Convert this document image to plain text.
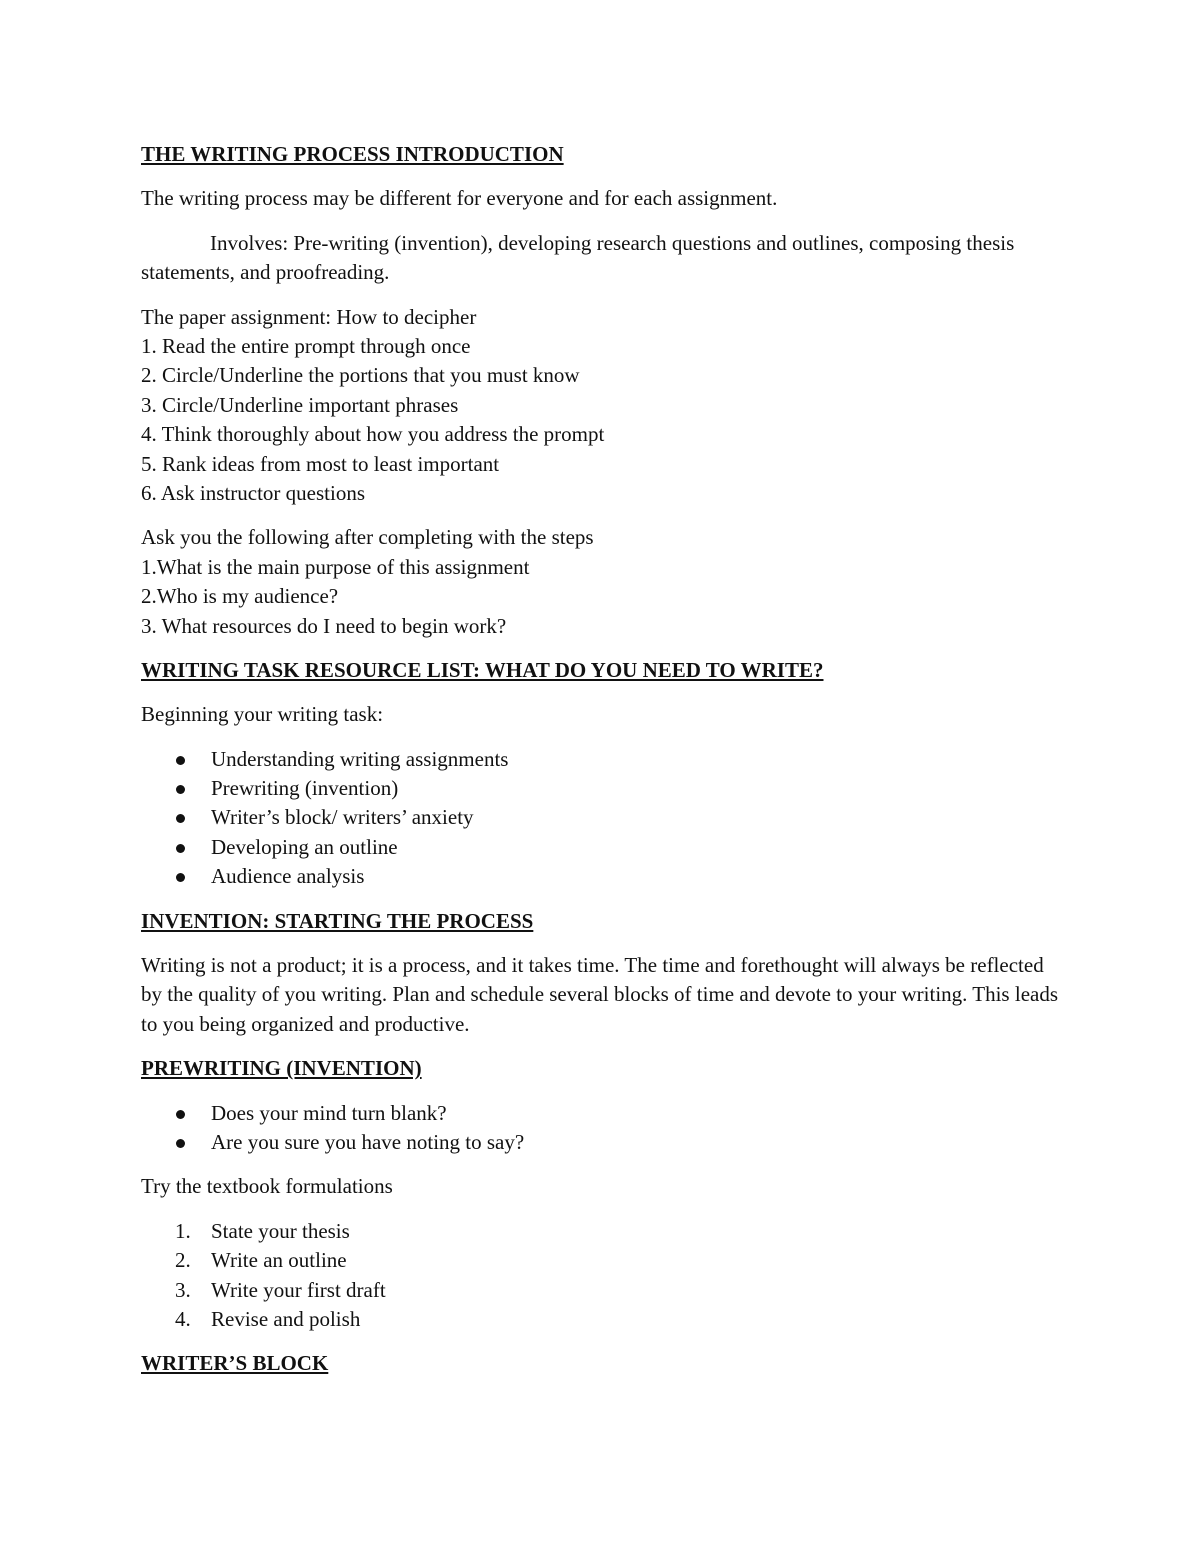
THE WRITING PROCESS INTRODUCTION
The writing process may be different for everyone and for each assignment.
Involves: Pre-writing (invention), developing research questions and outlines, composing thesis statements, and proofreading.
The paper assignment: How to decipher
1. Read the entire prompt through once
2. Circle/Underline the portions that you must know
3. Circle/Underline important phrases
4. Think thoroughly about how you address the prompt
5. Rank ideas from most to least important
6. Ask instructor questions
Ask you the following after completing with the steps
1.What is the main purpose of this assignment
2.Who is my audience?
3. What resources do I need to begin work?
WRITING TASK RESOURCE LIST: WHAT DO YOU NEED TO WRITE?
Beginning your writing task:
Understanding writing assignments
Prewriting (invention)
Writer’s block/ writers’ anxiety
Developing an outline
Audience analysis
INVENTION: STARTING THE PROCESS
Writing is not a product; it is a process, and it takes time. The time and forethought will always be reflected by the quality of you writing. Plan and schedule several blocks of time and devote to your writing. This leads to you being organized and productive.
PREWRITING (INVENTION)
Does your mind turn blank?
Are you sure you have noting to say?
Try the textbook formulations
1. State your thesis
2. Write an outline
3. Write your first draft
4. Revise and polish
WRITER’S BLOCK
